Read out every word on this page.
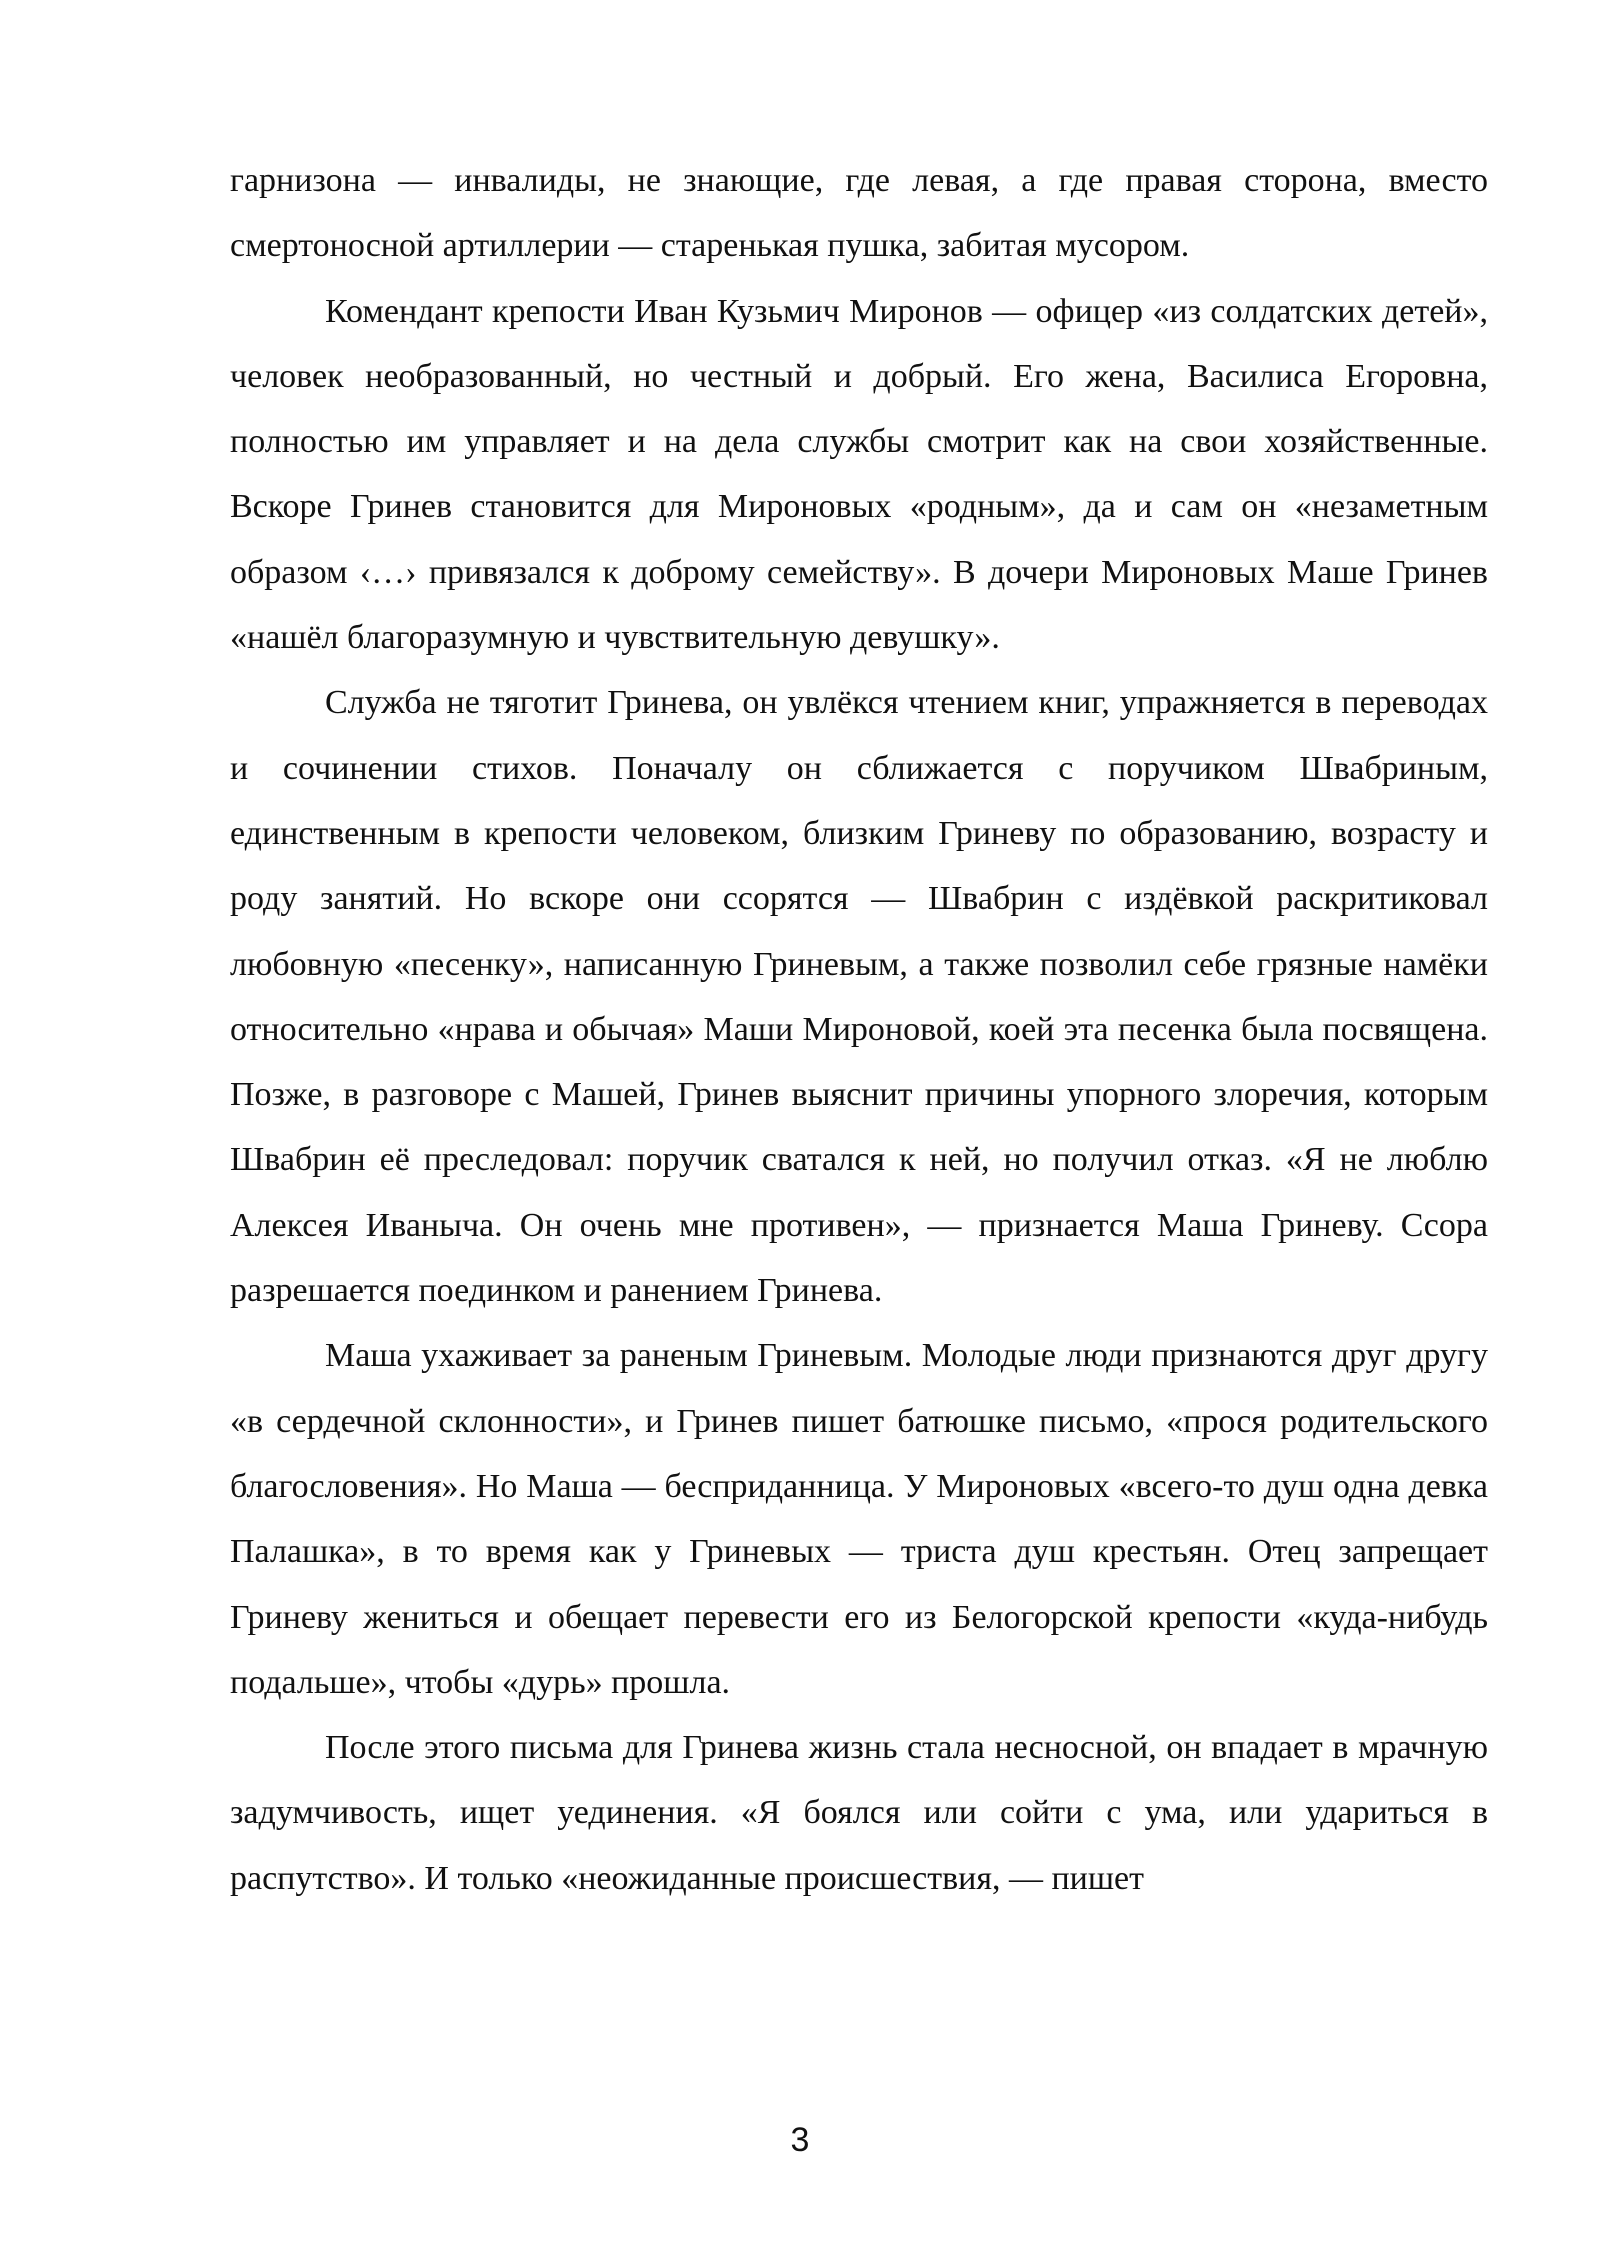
гарнизона — инвалиды, не знающие, где левая, а где правая сторона, вместо смертоносной артиллерии — старенькая пушка, забитая мусором.

Комендант крепости Иван Кузьмич Миронов — офицер «из солдатских детей», человек необразованный, но честный и добрый. Его жена, Василиса Егоровна, полностью им управляет и на дела службы смотрит как на свои хозяйственные. Вскоре Гринев становится для Мироновых «родным», да и сам он «незаметным образом ‹…› привязался к доброму семейству». В дочери Мироновых Маше Гринев «нашёл благоразумную и чувствительную девушку».

Служба не тяготит Гринева, он увлёкся чтением книг, упражняется в переводах и сочинении стихов. Поначалу он сближается с поручиком Швабриным, единственным в крепости человеком, близким Гриневу по образованию, возрасту и роду занятий. Но вскоре они ссорятся — Швабрин с издёвкой раскритиковал любовную «песенку», написанную Гриневым, а также позволил себе грязные намёки относительно «нрава и обычая» Маши Мироновой, коей эта песенка была посвящена. Позже, в разговоре с Машей, Гринев выяснит причины упорного злоречия, которым Швабрин её преследовал: поручик сватался к ней, но получил отказ. «Я не люблю Алексея Иваныча. Он очень мне противен», — признается Маша Гриневу. Ссора разрешается поединком и ранением Гринева.

Маша ухаживает за раненым Гриневым. Молодые люди признаются друг другу «в сердечной склонности», и Гринев пишет батюшке письмо, «прося родительского благословения». Но Маша — бесприданница. У Мироновых «всего-то душ одна девка Палашка», в то время как у Гриневых — триста душ крестьян. Отец запрещает Гриневу жениться и обещает перевести его из Белогорской крепости «куда-нибудь подальше», чтобы «дурь» прошла.

После этого письма для Гринева жизнь стала несносной, он впадает в мрачную задумчивость, ищет уединения. «Я боялся или сойти с ума, или удариться в распутство». И только «неожиданные происшествия, — пишет

3
